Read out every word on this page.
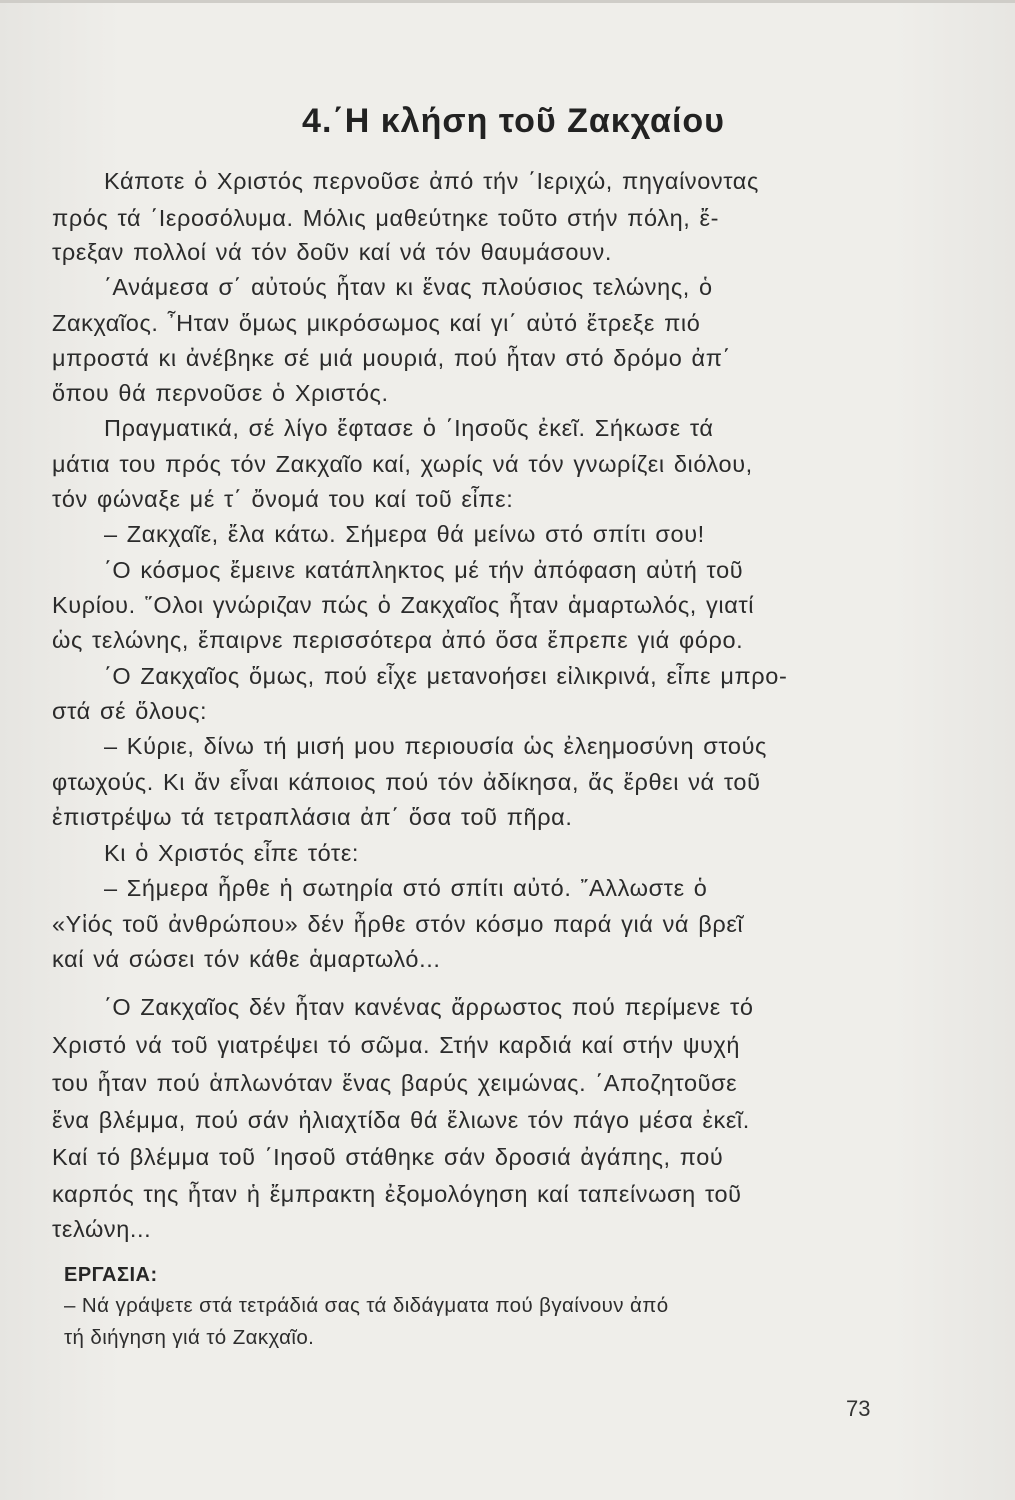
4.΄Η κλήση τοῦ Ζακχαίου
Κάποτε ὁ Χριστός περνοῦσε ἀπό τήν ΄Ιεριχώ, πηγαίνοντας
πρός τά ΄Ιεροσόλυμα. Μόλις μαθεύτηκε τοῦτο στήν πόλη, ἔ-
τρεξαν πολλοί νά τόν δοῦν καί νά τόν θαυμάσουν.
΄Ανάμεσα σ΄ αὐτούς ἦταν κι ἕνας πλούσιος τελώνης, ὁ
Ζακχαῖος. ῏Ηταν ὅμως μικρόσωμος καί γι΄ αὐτό ἔτρεξε πιό
μπροστά κι ἀνέβηκε σέ μιά μουριά, πού ἦταν στό δρόμο ἀπ΄
ὅπου θά περνοῦσε ὁ Χριστός.
Πραγματικά, σέ λίγο ἔφτασε ὁ ΄Ιησοῦς ἐκεῖ. Σήκωσε τά
μάτια του πρός τόν Ζακχαῖο καί, χωρίς νά τόν γνωρίζει διόλου,
τόν φώναξε μέ τ΄ ὄνομά του καί τοῦ εἶπε:
– Ζακχαῖε, ἔλα κάτω. Σήμερα θά μείνω στό σπίτι σου!
΄Ο κόσμος ἔμεινε κατάπληκτος μέ τήν ἀπόφαση αὐτή τοῦ
Κυρίου. ῞Ολοι γνώριζαν πώς ὁ Ζακχαῖος ἦταν ἁμαρτωλός, γιατί
ὡς τελώνης, ἔπαιρνε περισσότερα ἀπό ὅσα ἔπρεπε γιά φόρο.
΄Ο Ζακχαῖος ὅμως, πού εἶχε μετανοήσει εἰλικρινά, εἶπε μπρο-
στά σέ ὅλους:
– Κύριε, δίνω τή μισή μου περιουσία ὡς ἐλεημοσύνη στούς
φτωχούς. Κι ἄν εἶναι κάποιος πού τόν ἀδίκησα, ἄς ἔρθει νά τοῦ
ἐπιστρέψω τά τετραπλάσια ἀπ΄ ὅσα τοῦ πῆρα.
Κι ὁ Χριστός εἶπε τότε:
– Σήμερα ἦρθε ἡ σωτηρία στό σπίτι αὐτό. ῎Αλλωστε ὁ
«Υἱός τοῦ ἀνθρώπου» δέν ἦρθε στόν κόσμο παρά γιά νά βρεῖ
καί νά σώσει τόν κάθε ἁμαρτωλό...
΄Ο Ζακχαῖος δέν ἦταν κανένας ἄρρωστος πού περίμενε τό
Χριστό νά τοῦ γιατρέψει τό σῶμα. Στήν καρδιά καί στήν ψυχή
του ἦταν πού ἁπλωνόταν ἕνας βαρύς χειμώνας. ΄Αποζητοῦσε
ἕνα βλέμμα, πού σάν ἠλιαχτίδα θά ἔλιωνε τόν πάγο μέσα ἐκεῖ.
Καί τό βλέμμα τοῦ ΄Ιησοῦ στάθηκε σάν δροσιά ἀγάπης, πού
καρπός της ἦταν ἡ ἔμπρακτη ἐξομολόγηση καί ταπείνωση τοῦ
τελώνη...
ΕΡΓΑΣΙΑ:
– Νά γράψετε στά τετράδιά σας τά διδάγματα πού βγαίνουν ἀπό
τή διήγηση γιά τό Ζακχαῖο.
73
